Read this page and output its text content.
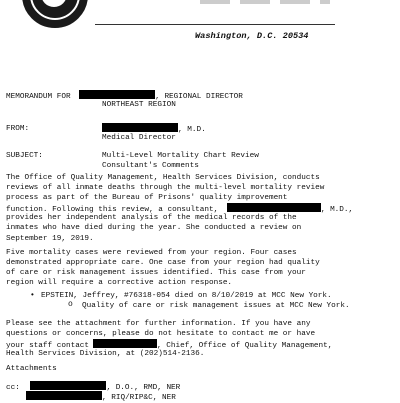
Washington, D.C. 20534
MEMORANDUM FOR	, REGIONAL DIRECTOR
NORTHEAST REGION
FROM:	, M.D.
Medical Director
SUBJECT:	Multi-Level Mortality Chart Review
Consultant's Comments
The Office of Quality Management, Health Services Division, conducts
reviews of all inmate deaths through the multi-level mortality review
process as part of the Bureau of Prisons' quality improvement
function. Following this review, a consultant,	, M.D.,
provides her independent analysis of the medical records of the
inmates who have died during the year. She conducted a review on
September 19, 2019.
Five mortality cases were reviewed from your region. Four cases
demonstrated appropriate care. One case from your region had quality
of care or risk management issues identified. This case from your
region will require a corrective action response.
• EPSTEIN, Jeffrey, #76318-054 died on 8/10/2019 at MCC New York.
o Quality of care or risk management issues at MCC New York.
Please see the attachment for further information. If you have any
questions or concerns, please do not hesitate to contact me or have
your staff contact	, Chief, Office of Quality Management,
Health Services Division, at (202)514-2136.
Attachments
cc:	, D.O., RMD, NER
, RIQ/RIP&C, NER
